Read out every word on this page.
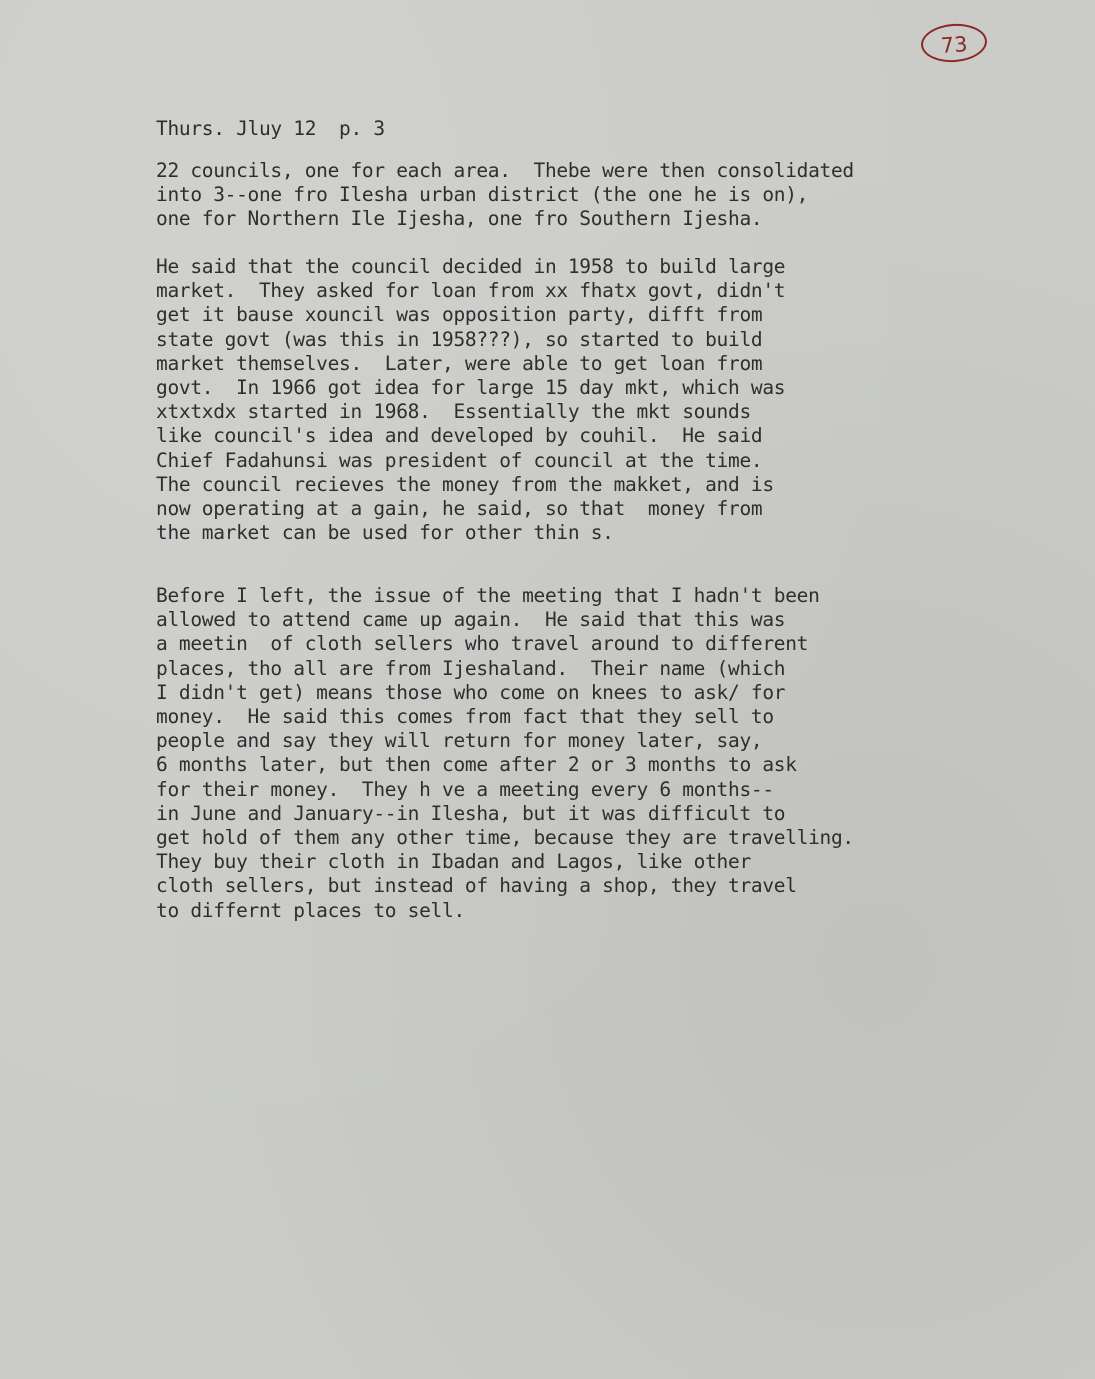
73

Thurs. Jluy 12  p. 3

22 councils, one for each area.  Thebe were then consolidated
into 3--one fro Ilesha urban district (the one he is on),
one for Northern Ile Ijesha, one fro Southern Ijesha.

He said that the council decided in 1958 to build large
market.  They asked for loan from xx fhatx govt, didn't
get it bause xouncil was opposition party, difft from
state govt (was this in 1958???), so started to build
market themselves.  Later, were able to get loan from
govt.  In 1966 got idea for large 15 day mkt, which was
xtxtxdx started in 1968.  Essentially the mkt sounds
like council's idea and developed by couhil.  He said
Chief Fadahunsi was president of council at the time.
The council recieves the money from the makket, and is
now operating at a gain, he said, so that  money from
the market can be used for other thin s.

Before I left, the issue of the meeting that I hadn't been
allowed to attend came up again.  He said that this was
a meetin  of cloth sellers who travel around to different
places, tho all are from Ijeshaland.  Their name (which
I didn't get) means those who come on knees to ask/ for
money.  He said this comes from fact that they sell to
people and say they will return for money later, say,
6 months later, but then come after 2 or 3 months to ask
for their money.  They h ve a meeting every 6 months--
in June and January--in Ilesha, but it was difficult to
get hold of them any other time, because they are travelling.
They buy their cloth in Ibadan and Lagos, like other
cloth sellers, but instead of having a shop, they travel
to differnt places to sell.
